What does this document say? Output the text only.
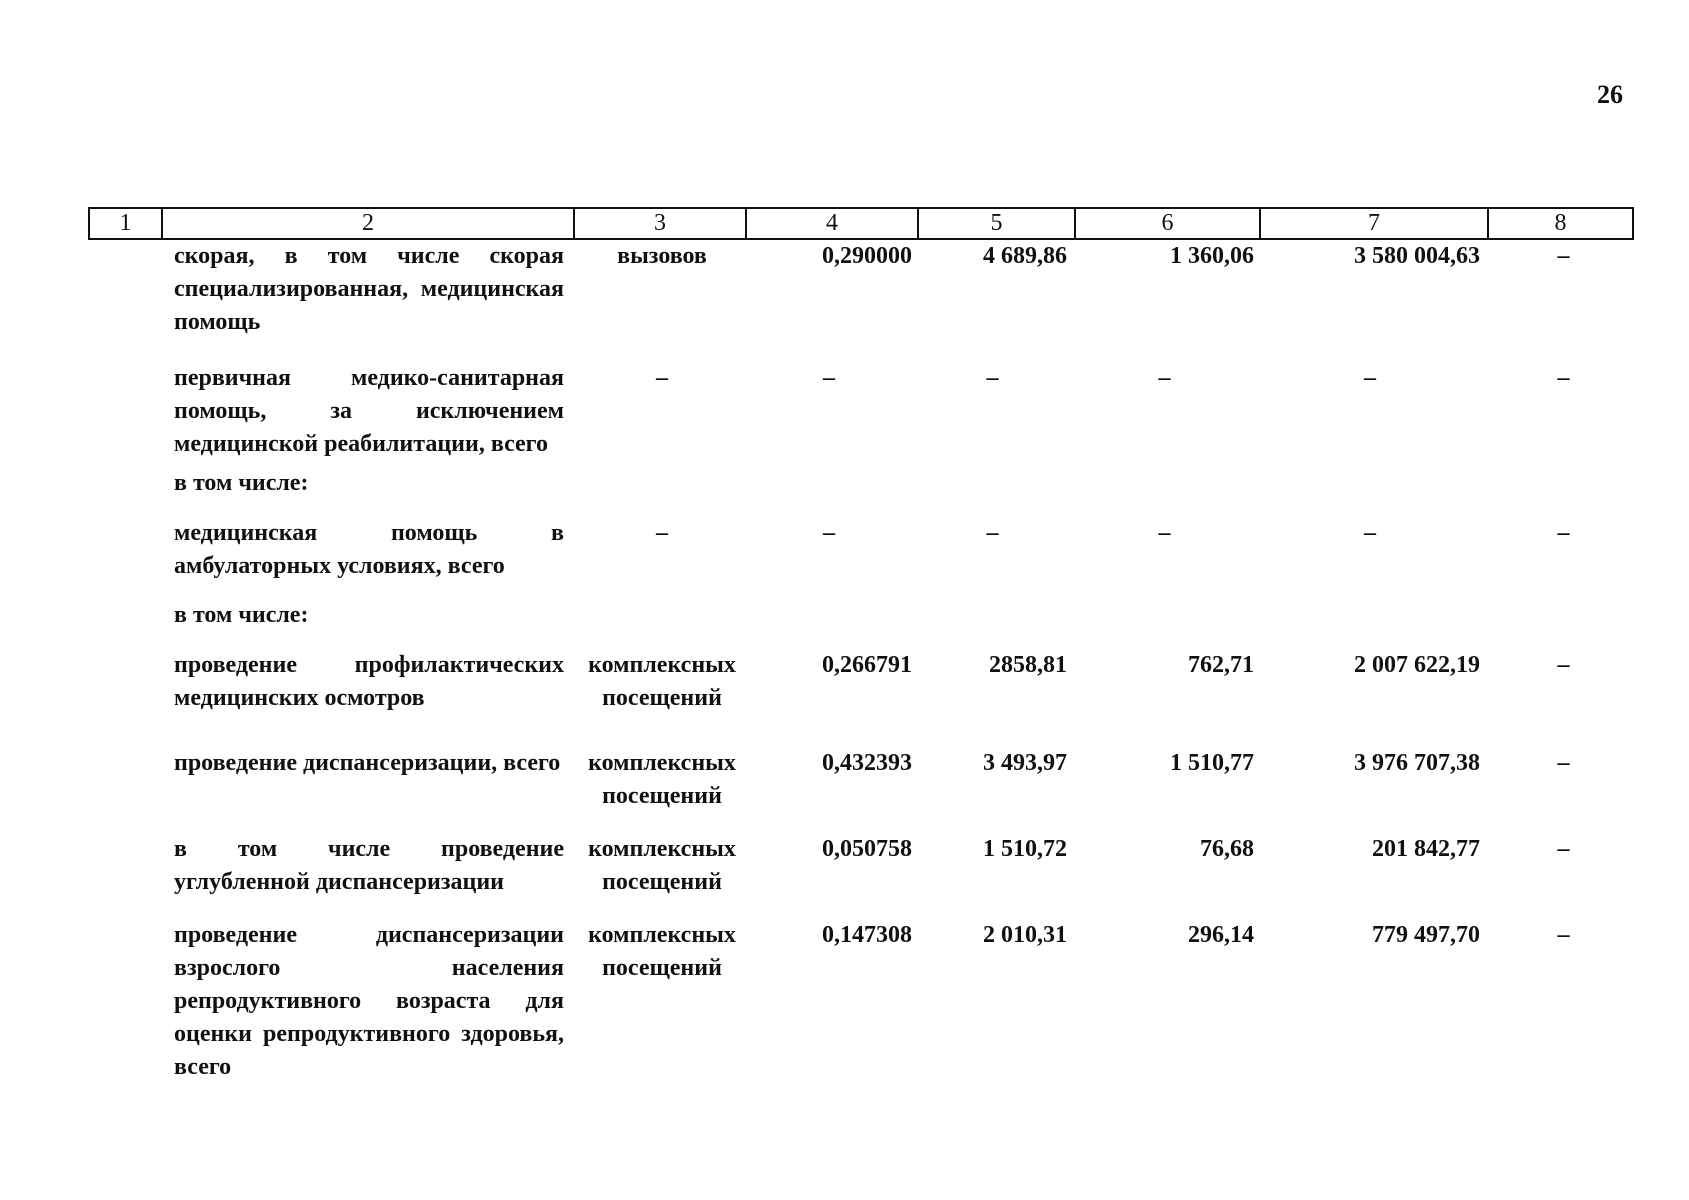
26
1	2	3	4	5	6	7	8
	скорая, в том числе скорая специализированная, медицинская помощь	вызовов	0,290000	4 689,86	1 360,06	3 580 004,63	–
	первичная медико-санитарная помощь, за исключением медицинской реабилитации, всего	–	–	–	–	–	–
	в том числе:						
	медицинская помощь в амбулаторных условиях, всего	–	–	–	–	–	–
	в том числе:						
	проведение профилактических медицинских осмотров	комплексных посещений	0,266791	2858,81	762,71	2 007 622,19	–
	проведение диспансеризации, всего	комплексных посещений	0,432393	3 493,97	1 510,77	3 976 707,38	–
	в том числе проведение углубленной диспансеризации	комплексных посещений	0,050758	1 510,72	76,68	201 842,77	–
	проведение диспансеризации взрослого населения репродуктивного возраста для оценки репродуктивного здоровья, всего	комплексных посещений	0,147308	2 010,31	296,14	779 497,70	–
